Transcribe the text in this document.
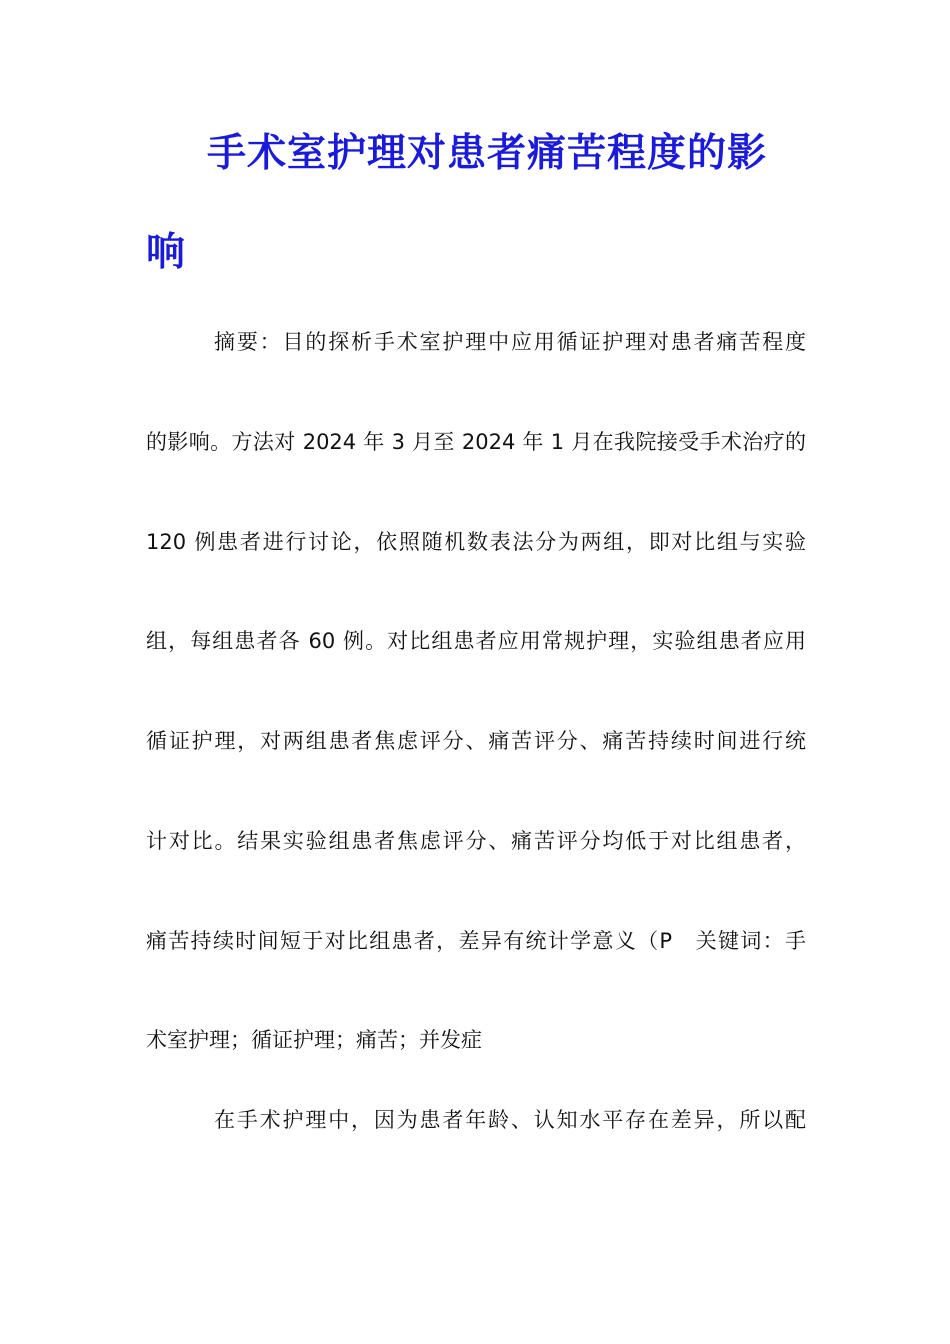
手术室护理对患者痛苦程度的影
响

摘要：目的探析手术室护理中应用循证护理对患者痛苦程度

的影响。方法对 2024 年 3 月至 2024 年 1 月在我院接受手术治疗的

120 例患者进行讨论，依照随机数表法分为两组，即对比组与实验

组，每组患者各 60 例。对比组患者应用常规护理，实验组患者应用

循证护理，对两组患者焦虑评分、痛苦评分、痛苦持续时间进行统

计对比。结果实验组患者焦虑评分、痛苦评分均低于对比组患者，

痛苦持续时间短于对比组患者，差异有统计学意义（P　关键词：手

术室护理；循证护理；痛苦；并发症

在手术护理中，因为患者年龄、认知水平存在差异，所以配
